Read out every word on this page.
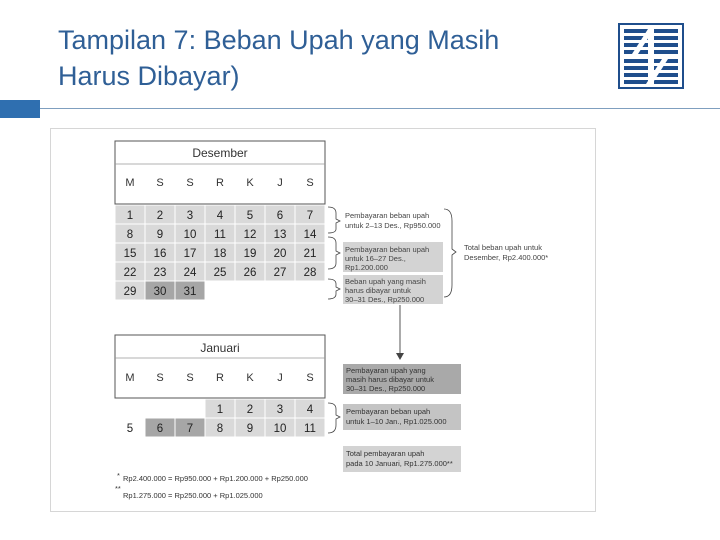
Tampilan 7: Beban Upah yang Masih
Harus Dibayar)
Desember
M S S R K J S
1 2 3 4 5 6 7
8 9 10 11 12 13 14
15 16 17 18 19 20 21
22 23 24 25 26 27 28
29 30 31
Januari
M S S R K J S
1 2 3 4
5 6 7 8 9 10 11
Pembayaran beban upah
untuk 2–13 Des., Rp950.000
Pembayaran beban upah
untuk 16–27 Des.,
Rp1.200.000
Beban upah yang masih
harus dibayar untuk
30–31 Des., Rp250.000
Total beban upah untuk
Desember, Rp2.400.000*
Pembayaran upah yang
masih harus dibayar untuk
30–31 Des., Rp250.000
Pembayaran beban upah
untuk 1–10 Jan., Rp1.025.000
Total pembayaran upah
pada 10 Januari, Rp1.275.000**
* Rp2.400.000 = Rp950.000 + Rp1.200.000 + Rp250.000
**
Rp1.275.000 = Rp250.000 + Rp1.025.000
